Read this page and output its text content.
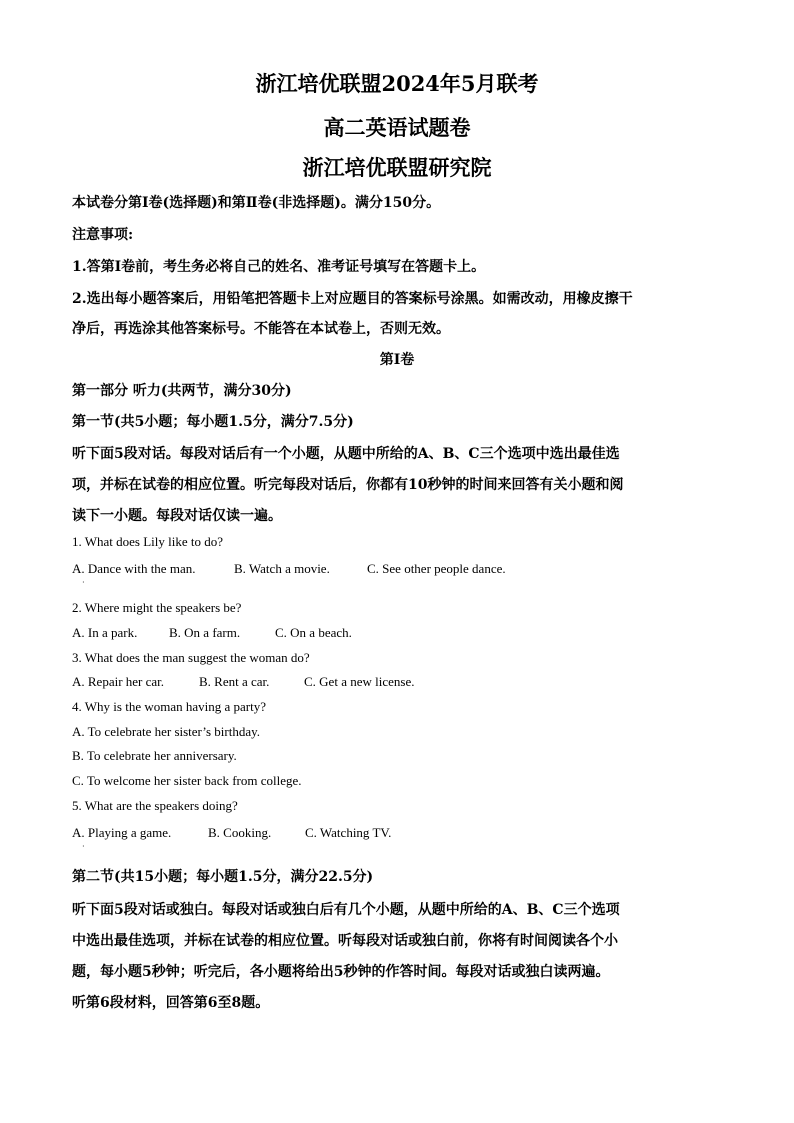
浙江培优联盟2024年5月联考
高二英语试题卷
浙江培优联盟研究院
本试卷分第Ⅰ卷(选择题)和第Ⅱ卷(非选择题)。满分150分。
注意事项:
1.答第Ⅰ卷前，考生务必将自己的姓名、准考证号填写在答题卡上。
2.选出每小题答案后，用铅笔把答题卡上对应题目的答案标号涂黑。如需改动，用橡皮擦干
净后，再选涂其他答案标号。不能答在本试卷上，否则无效。
第Ⅰ卷
第一部分 听力(共两节，满分30分)
第一节(共5小题；每小题1.5分，满分7.5分)
听下面5段对话。每段对话后有一个小题，从题中所给的A、B、C三个选项中选出最佳选
项，并标在试卷的相应位置。听完每段对话后，你都有10秒钟的时间来回答有关小题和阅
读下一小题。每段对话仅读一遍。
1. What does Lily like to do?
A. Dance with the man.	B. Watch a movie.	C. See other people dance.
·
2. Where might the speakers be?
A. In a park. B. On a farm.	C. On a beach.
3. What does the man suggest the woman do?
A. Repair her car.	B. Rent a car.	C. Get a new license.
4. Why is the woman having a party?
A. To celebrate her sister’s birthday.
B. To celebrate her anniversary.
C. To welcome her sister back from college.
5. What are the speakers doing?
A. Playing a game.	B. Cooking.	C. Watching TV.
·
第二节(共15小题；每小题1.5分，满分22.5分)
听下面5段对话或独白。每段对话或独白后有几个小题，从题中所给的A、B、C三个选项
中选出最佳选项，并标在试卷的相应位置。听每段对话或独白前，你将有时间阅读各个小
题，每小题5秒钟；听完后，各小题将给出5秒钟的作答时间。每段对话或独白读两遍。
听第6段材料，回答第6至8题。
